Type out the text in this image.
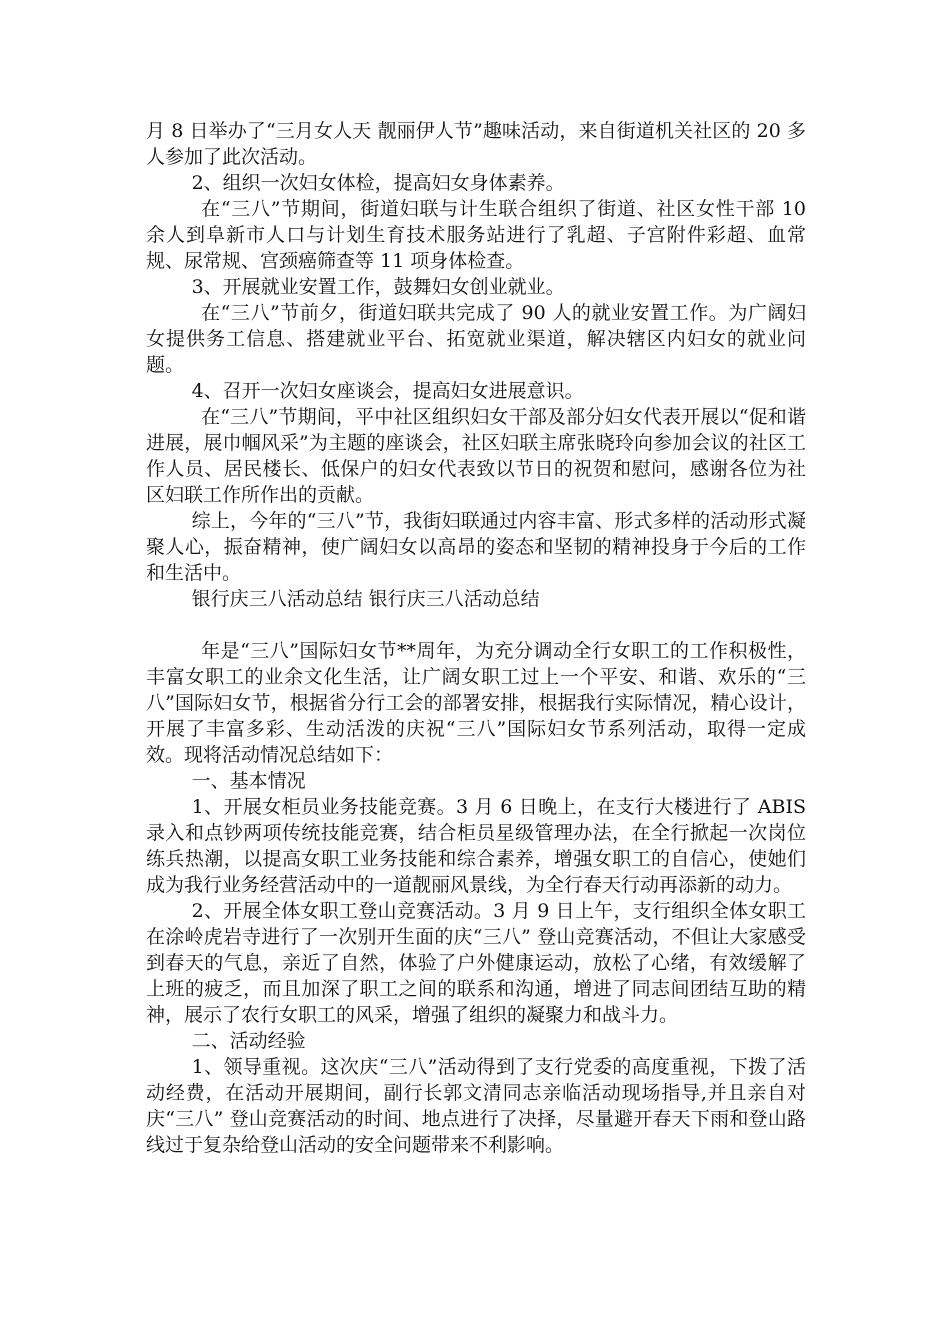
月 8 日举办了“三月女人天 靓丽伊人节”趣味活动，来自街道机关社区的 20 多人参加了此次活动。

2、组织一次妇女体检，提高妇女身体素养。

在“三八”节期间，街道妇联与计生联合组织了街道、社区女性干部 10 余人到阜新市人口与计划生育技术服务站进行了乳超、子宫附件彩超、血常规、尿常规、宫颈癌筛查等 11 项身体检查。

3、开展就业安置工作，鼓舞妇女创业就业。

在“三八”节前夕，街道妇联共完成了 90 人的就业安置工作。为广阔妇女提供务工信息、搭建就业平台、拓宽就业渠道，解决辖区内妇女的就业问题。

4、召开一次妇女座谈会，提高妇女进展意识。

在“三八”节期间，平中社区组织妇女干部及部分妇女代表开展以“促和谐进展，展巾帼风采”为主题的座谈会，社区妇联主席张晓玲向参加会议的社区工作人员、居民楼长、低保户的妇女代表致以节日的祝贺和慰问，感谢各位为社区妇联工作所作出的贡献。

综上，今年的“三八”节，我街妇联通过内容丰富、形式多样的活动形式凝聚人心，振奋精神，使广阔妇女以高昂的姿态和坚韧的精神投身于今后的工作和生活中。

银行庆三八活动总结 银行庆三八活动总结

年是“三八”国际妇女节**周年，为充分调动全行女职工的工作积极性，丰富女职工的业余文化生活，让广阔女职工过上一个平安、和谐、欢乐的“三八”国际妇女节，根据省分行工会的部署安排，根据我行实际情况，精心设计，开展了丰富多彩、生动活泼的庆祝“三八”国际妇女节系列活动，取得一定成效。现将活动情况总结如下：

一、基本情况

1、开展女柜员业务技能竞赛。3 月 6 日晚上，在支行大楼进行了 ABIS 录入和点钞两项传统技能竞赛，结合柜员星级管理办法，在全行掀起一次岗位练兵热潮，以提高女职工业务技能和综合素养，增强女职工的自信心，使她们成为我行业务经营活动中的一道靓丽风景线，为全行春天行动再添新的动力。

2、开展全体女职工登山竞赛活动。3 月 9 日上午，支行组织全体女职工在涂岭虎岩寺进行了一次别开生面的庆“三八” 登山竞赛活动，不但让大家感受到春天的气息，亲近了自然，体验了户外健康运动，放松了心绪，有效缓解了上班的疲乏，而且加深了职工之间的联系和沟通，增进了同志间团结互助的精神，展示了农行女职工的风采，增强了组织的凝聚力和战斗力。

二、活动经验

1、领导重视。这次庆“三八”活动得到了支行党委的高度重视，下拨了活动经费，在活动开展期间，副行长郭文清同志亲临活动现场指导,并且亲自对庆“三八” 登山竞赛活动的时间、地点进行了决择，尽量避开春天下雨和登山路线过于复杂给登山活动的安全问题带来不利影响。
